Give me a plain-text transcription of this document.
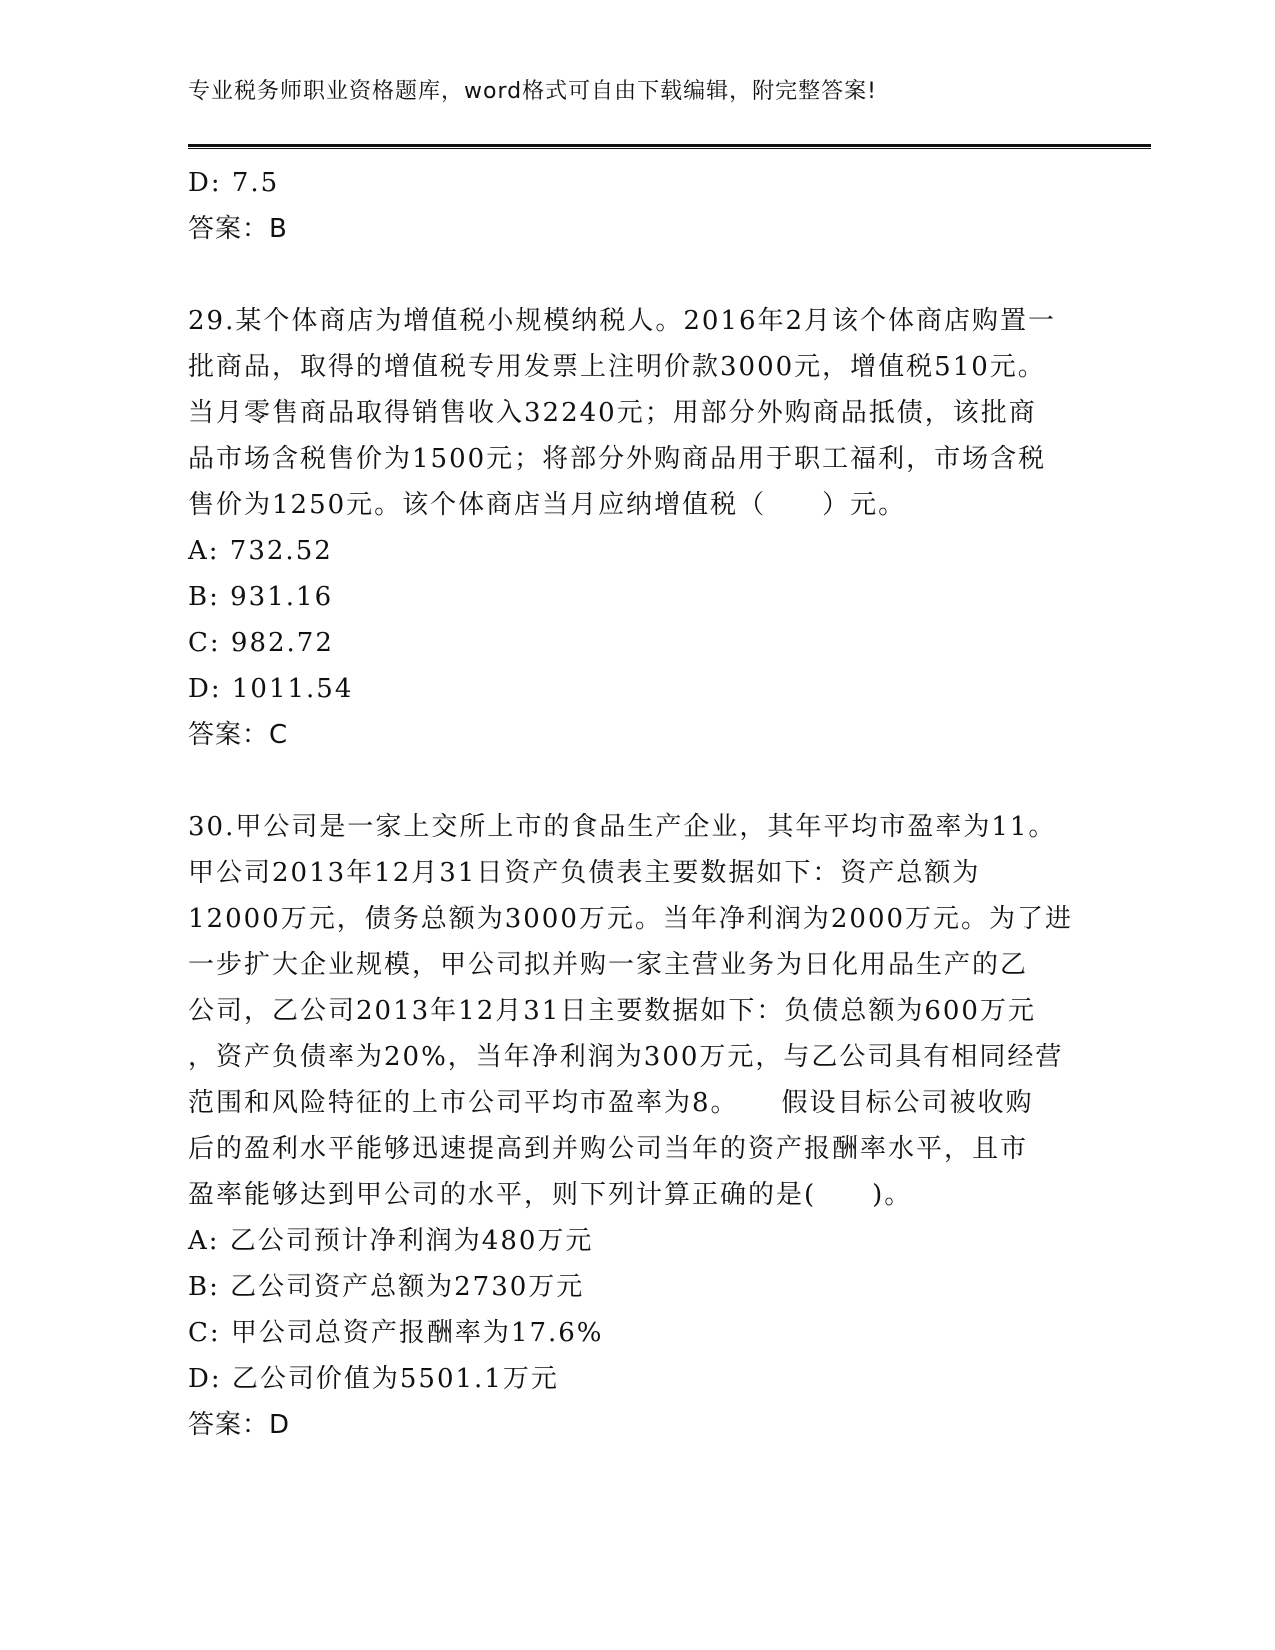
专业税务师职业资格题库，word格式可自由下载编辑，附完整答案!
D: 7.5
答案：B
29.某个体商店为增值税小规模纳税人。2016年2月该个体商店购置一
批商品，取得的增值税专用发票上注明价款3000元，增值税510元。
当月零售商品取得销售收入32240元；用部分外购商品抵债，该批商
品市场含税售价为1500元；将部分外购商品用于职工福利，市场含税
售价为1250元。该个体商店当月应纳增值税（　　）元。
A: 732.52
B: 931.16
C: 982.72
D: 1011.54
答案：C
30.甲公司是一家上交所上市的食品生产企业，其年平均市盈率为11。
甲公司2013年12月31日资产负债表主要数据如下：资产总额为
12000万元，债务总额为3000万元。当年净利润为2000万元。为了进
一步扩大企业规模，甲公司拟并购一家主营业务为日化用品生产的乙
公司，乙公司2013年12月31日主要数据如下：负债总额为600万元
，资产负债率为20%，当年净利润为300万元，与乙公司具有相同经营
范围和风险特征的上市公司平均市盈率为8。　　假设目标公司被收购
后的盈利水平能够迅速提高到并购公司当年的资产报酬率水平，且市
盈率能够达到甲公司的水平，则下列计算正确的是(　　)。
A: 乙公司预计净利润为480万元
B: 乙公司资产总额为2730万元
C: 甲公司总资产报酬率为17.6%
D: 乙公司价值为5501.1万元
答案：D
